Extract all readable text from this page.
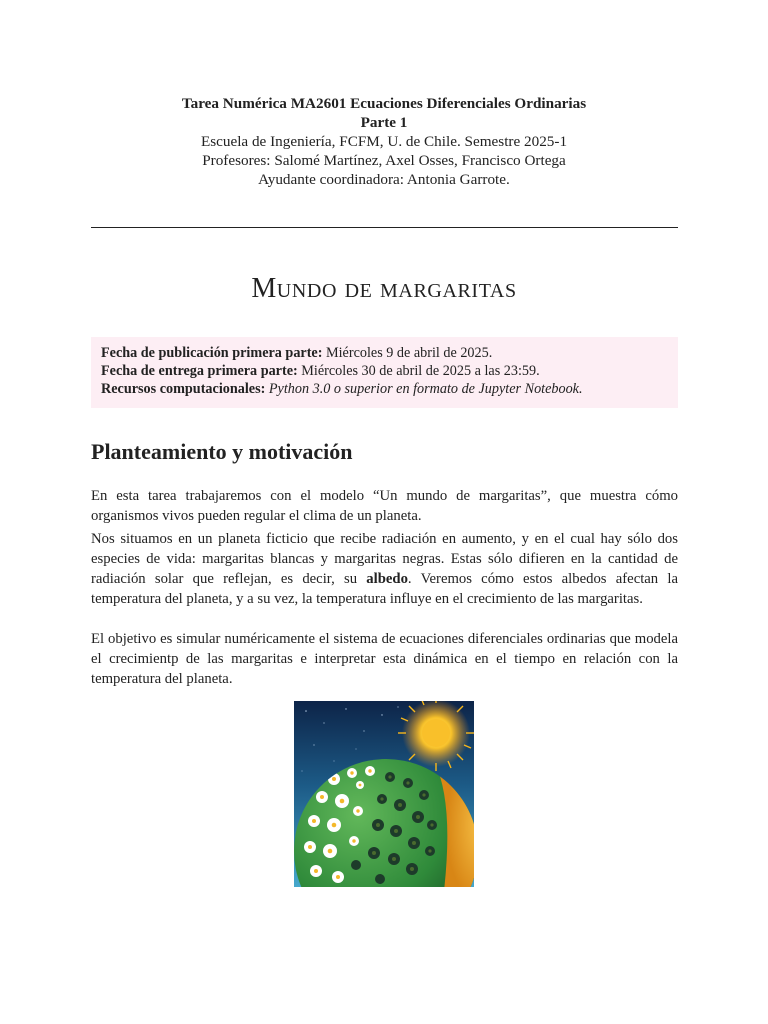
Tarea Numérica MA2601 Ecuaciones Diferenciales Ordinarias
Parte 1
Escuela de Ingeniería, FCFM, U. de Chile. Semestre 2025-1
Profesores: Salomé Martínez, Axel Osses, Francisco Ortega
Ayudante coordinadora: Antonia Garrote.
Mundo de margaritas
Fecha de publicación primera parte: Miércoles 9 de abril de 2025.
Fecha de entrega primera parte: Miércoles 30 de abril de 2025 a las 23:59.
Recursos computacionales: Python 3.0 o superior en formato de Jupyter Notebook.
Planteamiento y motivación
En esta tarea trabajaremos con el modelo “Un mundo de margaritas”, que muestra cómo organismos vivos pueden regular el clima de un planeta.
Nos situamos en un planeta ficticio que recibe radiación en aumento, y en el cual hay sólo dos especies de vida: margaritas blancas y margaritas negras. Estas sólo difieren en la cantidad de radiación solar que reflejan, es decir, su albedo. Veremos cómo estos albedos afectan la temperatura del planeta, y a su vez, la temperatura influye en el crecimiento de las margaritas.
El objetivo es simular numéricamente el sistema de ecuaciones diferenciales ordinarias que modela el crecimientp de las margaritas e interpretar esta dinámica en el tiempo en relación con la temperatura del planeta.
